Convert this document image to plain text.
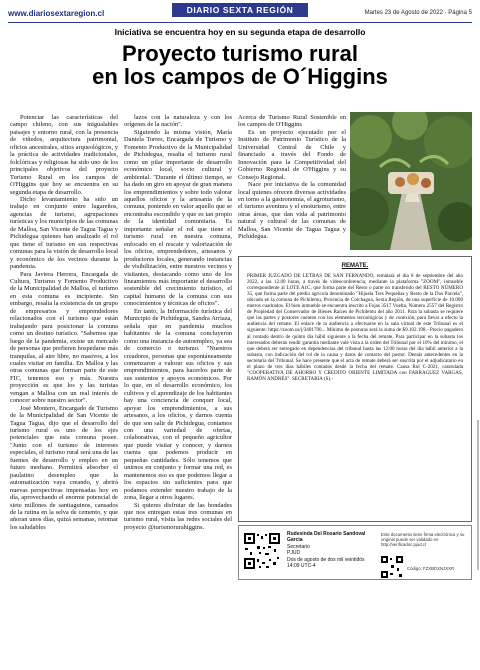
www.diariosextaregion.cl	Martes 23 de Agosto de 2022 · Página 5
DIARIO SEXTA REGIÓN
Iniciativa se encuentra hoy en su segunda etapa de desarrollo
Proyecto turismo rural
en los campos de O´Higgins

Potenciar las características del campo chileno, con sus inigualables paisajes y entorno rural, con la presencia de viñedos, arquitectura patrimonial, oficios ancestrales, sitios arqueológicos, y la práctica de actividades tradicionales, folclóricas y religiosas ha sido uno de los principales objetivos del proyecto Turismo Rural en los campos de O'Higgins que hoy se encuentra en su segunda etapa de desarrollo.

Dicho levantamiento ha sido un trabajo en conjunto entre lugareños, agencias de turismo, agrupaciones turísticas y los municipios de las comunas de Malloa, San Vicente de Tagua Tagua y Pichidegua quienes han analizado el rol que tiene el turismo en sus respectivas comunas para la visión de desarrollo local y económico de los vecinos durante la pandemia.

Para Javiera Herrera, Encargada de Cultura, Turismo y Fomento Productivo de la Municipalidad de Malloa, el turismo en esta comuna es incipiente. Sin embargo, resalta la existencia de un grupo de empresarios y emprendedores relacionados con el turismo que están trabajando para posicionar la comuna como un destino turístico. "Sabemos que luego de la pandemia, existe un mercado de personas que prefieren hospedarse más tranquilas, al aire libre, no masivos, a los cuales visitar en familia. En Malloa y las otras comunas que forman parte de este FIC, tenemos eso y más. Nuestra proyección es que los y las turistas vengan a Malloa con un real interés de conocer sobre nuestro sector".

José Montero, Encargado de Turismo de la Municipalidad de San Vicente de Tagua Tagua, dijo que el desarrollo del turismo rural es uno de los ejes potenciales que esta comuna posee. "Junto con el turismo de intereses especiales, el turismo rural será una de las fuentes de desarrollo y empleo en un futuro mediano. Permitirá absorber el paulatino desempleo que la automatización vaya creando, y abrirá nuevas perspectivas impensadas hoy en día, aprovechando el enorme potencial de siete millones de santiaguinos, cansados de la rutina en la selva de cemento, y que añoran unos días, quizá semanas, retomar los saludables

lazos con la naturaleza y con los orígenes de la nación".

Siguiendo la misma visión, María Daniela Torres, Encargada de Turismo y Fomento Productivo de la Municipalidad de Pichidegua, resalta el turismo rural como un pilar importante de desarrollo económico local, socio cultural y ambiental. "Durante el último tiempo, se ha dado un giro en apoyar de gran manera los emprendimientos y sobre todo valorar aquellos oficios y la artesanía de la comuna, poniendo en valor aquello que se encontraba escondido y que es tan propio de la identidad comunitaria. Es importante señalar el rol que tiene el turismo rural en nuestra comuna, enfocado en el rescate y valorización de los oficios, emprendedores, artesanos y productores locales, generando instancias de visibilización, entre nuestros vecinos y visitantes, destacando como uno de los lineamientos más importante el desarrollo sostenible del crecimiento turístico, el capital humano de la comuna con sus conocimientos y técnicas de oficios".

En tanto, la Información turística del Municipio de Pichidegua, Sandra Arriaza, señala que en pandemia muchos habitantes de la comuna concluyeron como una instancia de autoempleo, ya sea de comercio o turismo. "Nuestros creadores, personas que espontáneamente comenzaron a valorar sus oficios y sus emprendimientos, para hacerlos parte de sus sustentos y apoyos económicos. Por lo que, en el desarrollo económico, los cultivos y el aprendizaje de los habitantes hay una conciencia de conquer local, apoyar los emprendimientos, a sus artesanos, a los oficios, y darnos cuenta de que son salir de Pichidegua, contamos con una variedad de ofertas, colaborativas, con el pequeño agricultor que puede visitar y conocer, y darnos cuenta que podemos producir en pequeñas cantidades. Sólo tenemos que unirnos en conjunto y formar una red, es mantenemos eso es que podemos llegar a los espacios sin suficientes para que podamos extender nuestro trabajo de la zona, llegar a otros lugares.

Si quieres disfrutar de las bondades que nos entregan estas tres comunas en turismo rural, visita las redes sociales del proyecto @turismorurahiggins.

Acerca de Turismo Rural Sostenible en los campos de O'Higgins

Es un proyecto ejecutado por el Instituto de Patrimonio Turístico de la Universidad Central de Chile y financiado a través del Fondo de Innovación para la Competitividad del Gobierno Regional de O'Higgins y su Consejo Regional.

Nace por iniciativa de la comunidad local quienes ofrecen diversas actividades en torno a la gastronomía, el agroturismo, el turismo aventura y el enoturismo, entre otras áreas, que dan vida al patrimonio natural y cultural de las comunas de Malloa, San Vicente de Tagua Tagua y Pichidegua.

REMATE.

PRIMER JUZGADO DE LETRAS DE SAN FERNANDO, remátará el día 8 de septiembre del año 2022, a las 12.00 horas, a través de videoconferencia, mediante la plataforma "ZOOM", inmueble correspondiente al LOTE A1C, que forma parte del Resto o parte no transferido del RESTO NÚMERO 35, que forma parte del predio agrícola denominado "Hijuela Tres Pequeñas y Resto de la Dos Parcela", ubicado en la comuna de Pichilemu, Provincia de Colchagua, Sexta Región, de una superficie de 10.000 metros cuadrados. El bien inmueble se encuentra inscrito a Fojas 3517 Vuelta, Número 2557 del Registro de Propiedad del Conservador de Bienes Raíces de Pichilemu del año 2011. Para la subasta se requiere que las partes y postores cuenten con los elementos tecnológicos y de conexión, para llevar a efecto la audiencia del remate. El enlace de la audiencia a efectuarse en la sala virtual de este Tribunal es el siguiente: https://zoom.us/j/3401790... Mínimo de posturas será la suma de $9.102.198.- Precio pagadero al contado dentro de quinto día hábil siguiente a la fecha del remate. Para participar en la subasta los interesados deberán rendir garantía mediante vale vista a la orden del Tribunal por el 10% del mínimo, el que deberá ser entregado en dependencias del tribunal hasta las 12:00 horas del día hábil anterior a la subasta, con indicación del rol de la causa y datos de contacto del postor. Demás antecedentes en la secretaría del Tribunal. Se hace presente que el acta de remate deberá ser suscrita por el adjudicatario en el plazo de tres días hábiles contados desde la fecha del remate. Causa Rol C-2021, caratulada "COOPERATIVA DE AHORRO Y CREDITO ORIENTE LIMITADA con FARRAGUEZ VARGAS, RAMÓN ANDRÉS". SECRETARIA (S).-

Rudesinda Del Rosario Sandoval Garcia
Secretario
PJUD
Dos de agosto de dos mil veintidós
14:09 UTC-4
Este documento tiene firma electrónica y su original puede ser validado en http://verificadoc.pjud.cl
Código: FZXBDXNJXXR
